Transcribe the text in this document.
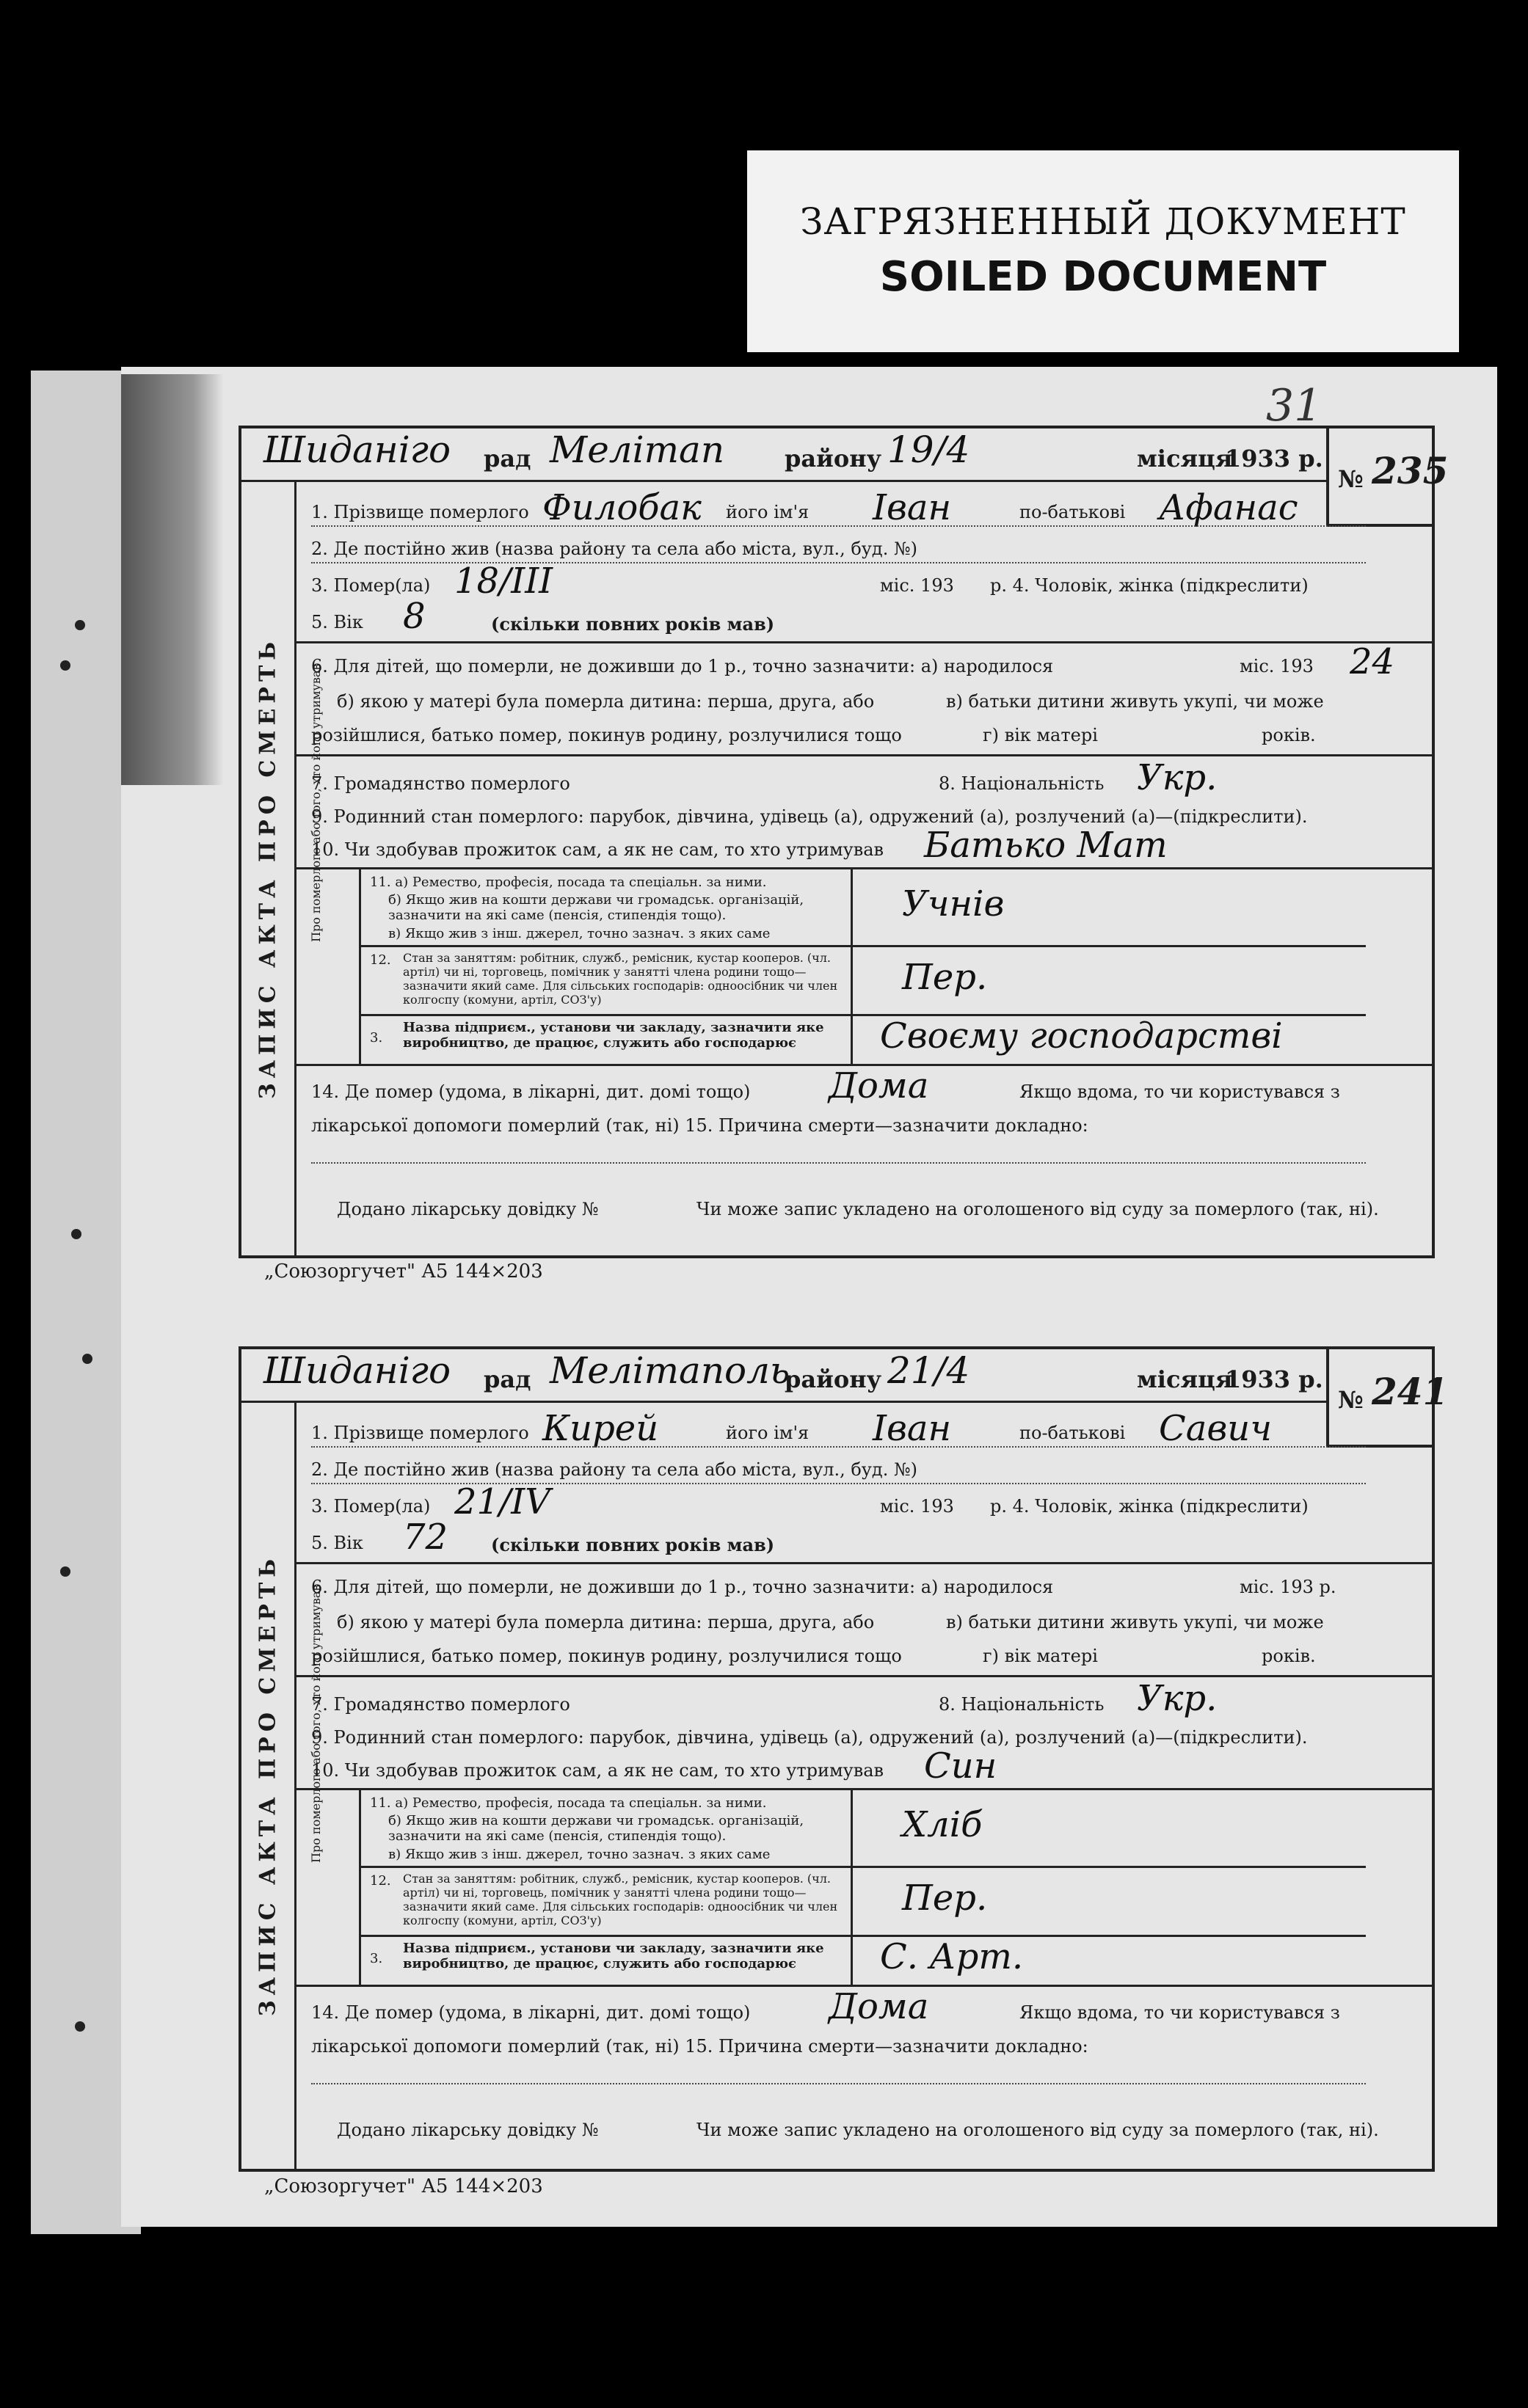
ЗАГРЯЗНЕННЫЙ ДОКУМЕНТ
SOILED DOCUMENT
31
Шиданіго рад Мелітап	району 19/4	місяця
1933 р.
№ 235
ЗАПИС АКТА ПРО СМЕРТЬ
1. Прізвище померлого Филобак його ім'я Іван	по-батькові Афанас
2. Де постійно жив (назва району та села або міста, вул., буд. №)
3. Помер(ла) 18/ІІІ	міс. 193 р. 4. Чоловік, жінка (підкреслити)
5. Вік 8	(скільки повних років мав)
6. Для дітей, що померли, не доживши до 1 р., точно зазначити: а) народилося	міс. 193 24
б) якою у матері була померла дитина: перша, друга, або	в) батьки дитини живуть укупі, чи може
розійшлися, батько помер, покинув родину, розлучилися тощо	г) вік матері	років.
7. Громадянство померлого	8. Національність Укр.
9. Родинний стан померлого: парубок, дівчина, удівець (а), одружений (а), розлучений (а)—(підкреслити).
10. Чи здобував прожиток сам, а як не сам, то хто утримував Батько Мат
Про померлого або того, хто його утримував	11. а) Ремество, професія, посада та спеціальн. за ними.
б) Якщо жив на кошти держави чи громадськ. організацій, зазначити на які саме (пенсія, стипендія тощо).
в) Якщо жив з інш. джерел, точно зазнач. з яких саме
Учнів
12. Стан за заняттям: робітник, служб., ремісник, кустар кооперов. (чл. артіл) чи ні, торговець, помічник у занятті члена родини тощо—зазначити який саме. Для сільських господарів: одноосібник чи член колгоспу (комуни, артіл, СОЗ'у)
Пер.
3.
Назва підприєм., установи чи закладу, зазначити яке виробництво, де працює, служить або господарює	Своєму господарстві
14. Де помер (удома, в лікарні, дит. домі тощо) Дома	Якщо вдома, то чи користувався з
лікарської допомоги померлий (так, ні) 15. Причина смерти—зазначити докладно:
Додано лікарську довідку №	Чи може запис укладено на оголошеного від суду за померлого (так, ні).
„Союзоргучет" А5 144×203
Шиданіго рад Мелітаполь
району 21/4	місяця
1933 р.
№ 241
ЗАПИС АКТА ПРО СМЕРТЬ
1. Прізвище померлого Кирей	його ім'я Іван	по-батькові Савич
2. Де постійно жив (назва району та села або міста, вул., буд. №)
3. Помер(ла) 21/ІV	міс. 193 р. 4. Чоловік, жінка (підкреслити)
5. Вік 72 (скільки повних років мав)
6. Для дітей, що померли, не доживши до 1 р., точно зазначити: а) народилося	міс. 193 р.
б) якою у матері була померла дитина: перша, друга, або	в) батьки дитини живуть укупі, чи може
розійшлися, батько помер, покинув родину, розлучилися тощо	г) вік матері	років.
7. Громадянство померлого	8. Національність Укр.
9. Родинний стан померлого: парубок, дівчина, удівець (а), одружений (а), розлучений (а)—(підкреслити).
10. Чи здобував прожиток сам, а як не сам, то хто утримував Син
Про померлого або того, хто його утримував	11. а) Ремество, професія, посада та спеціальн. за ними.
б) Якщо жив на кошти держави чи громадськ. організацій, зазначити на які саме (пенсія, стипендія тощо).
в) Якщо жив з інш. джерел, точно зазнач. з яких саме
Хліб
12. Стан за заняттям: робітник, служб., ремісник, кустар кооперов. (чл. артіл) чи ні, торговець, помічник у занятті члена родини тощо—зазначити який саме. Для сільських господарів: одноосібник чи член колгоспу (комуни, артіл, СОЗ'у)
Пер.
3.
Назва підприєм., установи чи закладу, зазначити яке виробництво, де працює, служить або господарює	С. Арт.
14. Де помер (удома, в лікарні, дит. домі тощо) Дома	Якщо вдома, то чи користувався з
лікарської допомоги померлий (так, ні) 15. Причина смерти—зазначити докладно:
Додано лікарську довідку №	Чи може запис укладено на оголошеного від суду за померлого (так, ні).
„Союзоргучет" А5 144×203
